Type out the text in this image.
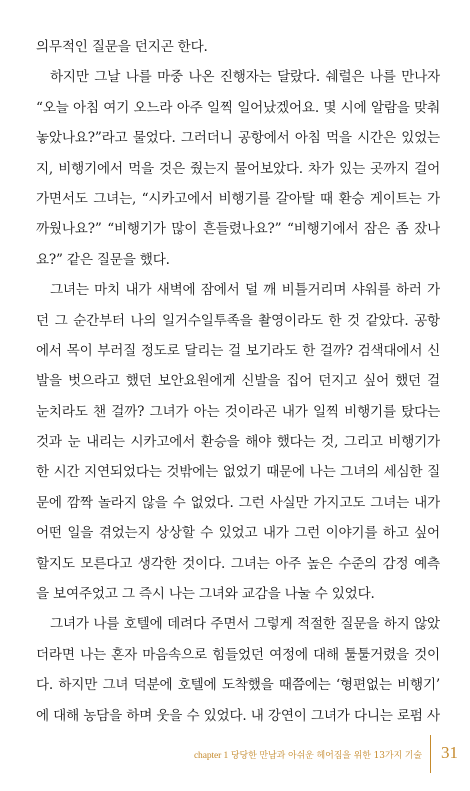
의무적인 질문을 던지곤 한다.
하지만 그날 나를 마중 나온 진행자는 달랐다. 쉐럴은 나를 만나자
“오늘 아침 여기 오느라 아주 일찍 일어났겠어요. 몇 시에 알람을 맞춰
놓았나요?”라고 물었다. 그러더니 공항에서 아침 먹을 시간은 있었는
지, 비행기에서 먹을 것은 줬는지 물어보았다. 차가 있는 곳까지 걸어
가면서도 그녀는, “시카고에서 비행기를 갈아탈 때 환승 게이트는 가
까웠나요?” “비행기가 많이 흔들렸나요?” “비행기에서 잠은 좀 잤나
요?” 같은 질문을 했다.
그녀는 마치 내가 새벽에 잠에서 덜 깨 비틀거리며 샤워를 하러 가
던 그 순간부터 나의 일거수일투족을 촬영이라도 한 것 같았다. 공항
에서 목이 부러질 정도로 달리는 걸 보기라도 한 걸까? 검색대에서 신
발을 벗으라고 했던 보안요원에게 신발을 집어 던지고 싶어 했던 걸
눈치라도 챈 걸까? 그녀가 아는 것이라곤 내가 일찍 비행기를 탔다는
것과 눈 내리는 시카고에서 환승을 해야 했다는 것, 그리고 비행기가
한 시간 지연되었다는 것밖에는 없었기 때문에 나는 그녀의 세심한 질
문에 깜짝 놀라지 않을 수 없었다. 그런 사실만 가지고도 그녀는 내가
어떤 일을 겪었는지 상상할 수 있었고 내가 그런 이야기를 하고 싶어
할지도 모른다고 생각한 것이다. 그녀는 아주 높은 수준의 감정 예측
을 보여주었고 그 즉시 나는 그녀와 교감을 나눌 수 있었다.
그녀가 나를 호텔에 데려다 주면서 그렇게 적절한 질문을 하지 않았
더라면 나는 혼자 마음속으로 힘들었던 여정에 대해 툴툴거렸을 것이
다. 하지만 그녀 덕분에 호텔에 도착했을 때쯤에는 ‘형편없는 비행기’
에 대해 농담을 하며 웃을 수 있었다. 내 강연이 그녀가 다니는 로펌 사
chapter 1 당당한 만남과 아쉬운 헤어짐을 위한 13가지 기술 31
